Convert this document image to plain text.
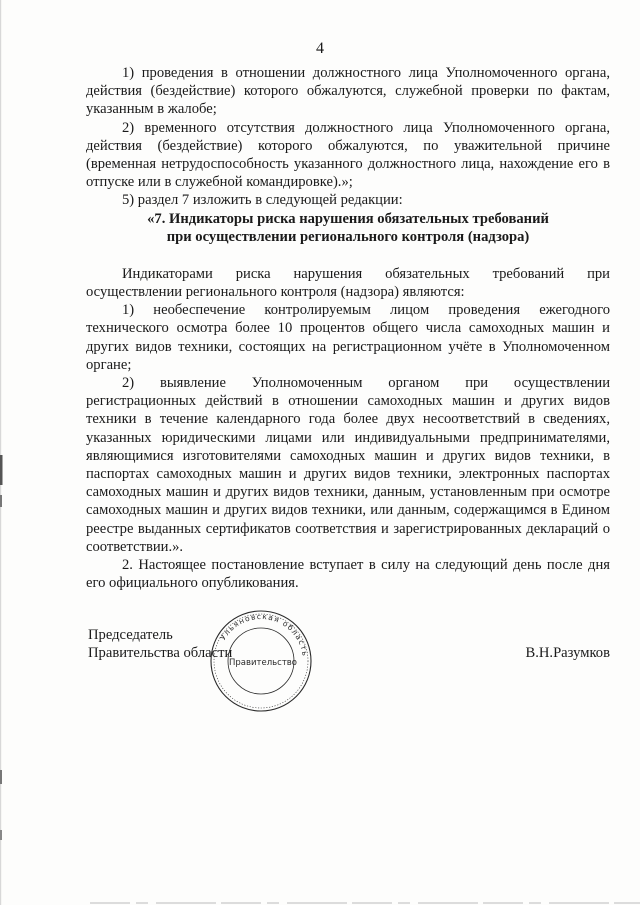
4

1) проведения в отношении должностного лица Уполномоченного органа, действия (бездействие) которого обжалуются, служебной проверки по фактам, указанным в жалобе;

2) временного отсутствия должностного лица Уполномоченного органа, действия (бездействие) которого обжалуются, по уважительной причине (временная нетрудоспособность указанного должностного лица, нахождение его в отпуске или в служебной командировке).»;

5) раздел 7 изложить в следующей редакции:

«7. Индикаторы риска нарушения обязательных требований

при осуществлении регионального контроля (надзора)

Индикаторами риска нарушения обязательных требований при осуществлении регионального контроля (надзора) являются:

1) необеспечение контролируемым лицом проведения ежегодного технического осмотра более 10 процентов общего числа самоходных машин и других видов техники, состоящих на регистрационном учёте в Уполномоченном органе;

2) выявление Уполномоченным органом при осуществлении регистрационных действий в отношении самоходных машин и других видов техники в течение календарного года более двух несоответствий в сведениях, указанных юридическими лицами или индивидуальными предпринимателями, являющимися изготовителями самоходных машин и других видов техники, в паспортах самоходных машин и других видов техники, электронных паспортах самоходных машин и других видов техники, данным, установленным при осмотре самоходных машин и других видов техники, или данным, содержащимся в Едином реестре выданных сертификатов соответствия и зарегистрированных деклараций о соответствии.».

2. Настоящее постановление вступает в силу на следующий день после дня его официального опубликования.

Ульяновская область
Правительство
Председатель
Правительства области	В.Н.Разумков
